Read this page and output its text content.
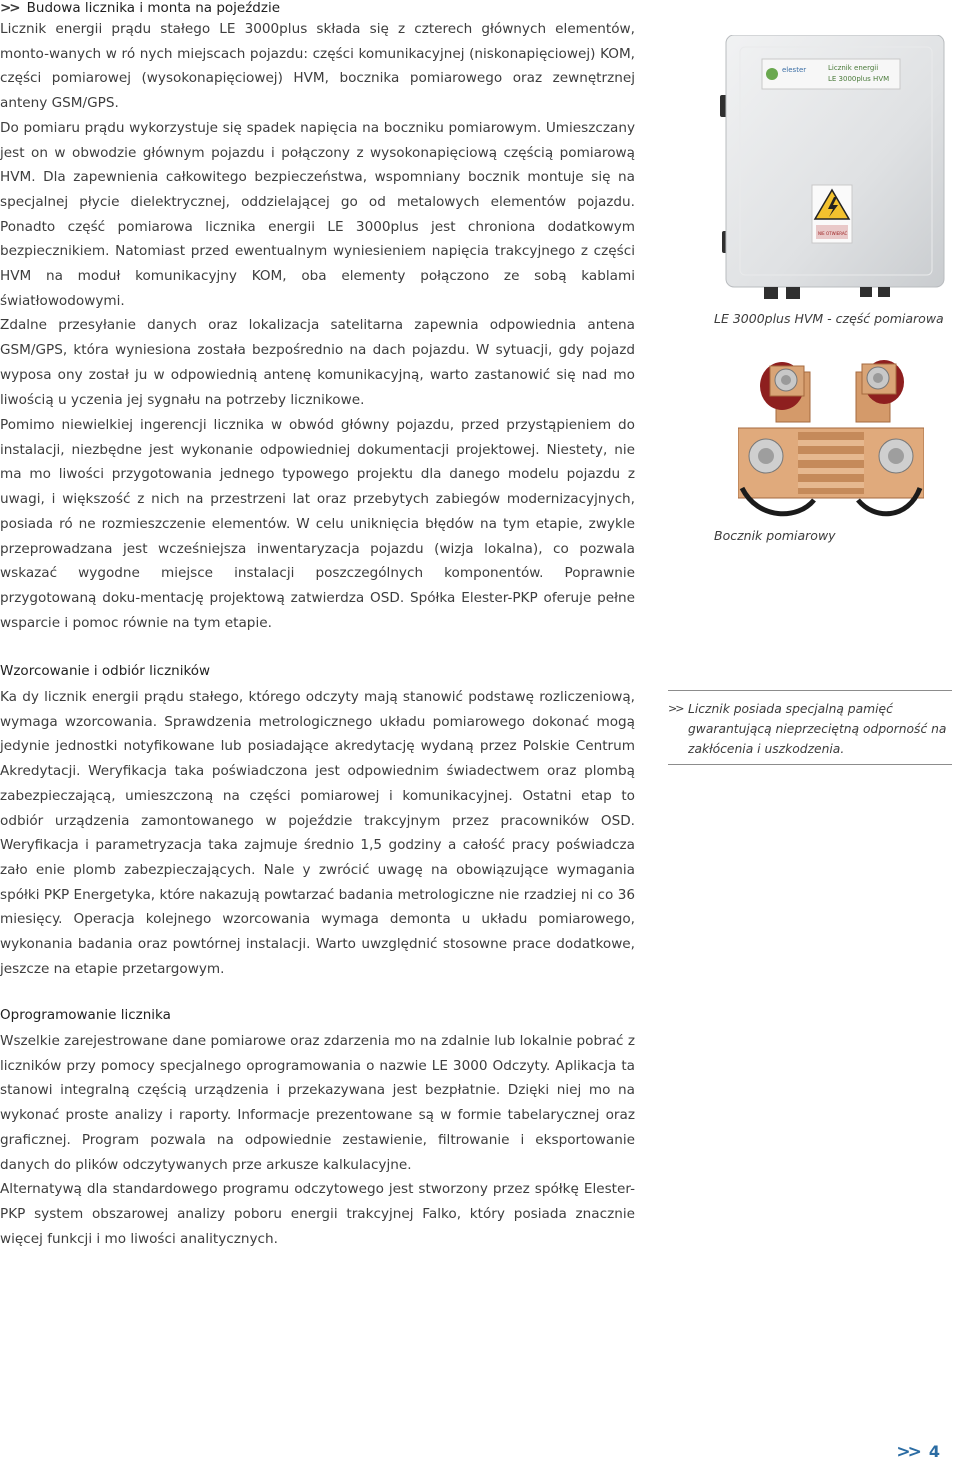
>> Budowa licznika i monta na pojeździe

Licznik energii prądu stałego LE 3000plus składa się z czterech głównych elementów, monto-wanych w ró nych miejscach pojazdu: części komunikacyjnej (niskonapięciowej) KOM, części pomiarowej (wysokonapięciowej) HVM, bocznika pomiarowego oraz zewnętrznej anteny GSM/GPS.

Do pomiaru prądu wykorzystuje się spadek napięcia na boczniku pomiarowym. Umieszczany jest on w obwodzie głównym pojazdu i połączony z wysokonapięciową częścią pomiarową HVM. Dla zapewnienia całkowitego bezpieczeństwa, wspomniany bocznik montuje się na specjalnej płycie dielektrycznej, oddzielającej go od metalowych elementów pojazdu. Ponadto część pomiarowa licznika energii LE 3000plus jest chroniona dodatkowym bezpiecznikiem. Natomiast przed ewentualnym wyniesieniem napięcia trakcyjnego z części HVM na moduł komunikacyjny KOM, oba elementy połączono ze sobą kablami światłowodowymi.

Zdalne przesyłanie danych oraz lokalizacja satelitarna zapewnia odpowiednia antena GSM/GPS, która wyniesiona została bezpośrednio na dach pojazdu. W sytuacji, gdy pojazd wyposa ony został ju w odpowiednią antenę komunikacyjną, warto zastanowić się nad mo liwością u yczenia jej sygnału na potrzeby licznikowe.

Pomimo niewielkiej ingerencji licznika w obwód główny pojazdu, przed przystąpieniem do instalacji, niezbędne jest wykonanie odpowiedniej dokumentacji projektowej. Niestety, nie ma mo liwości przygotowania jednego typowego projektu dla danego modelu pojazdu z uwagi, i większość z nich na przestrzeni lat oraz przebytych zabiegów modernizacyjnych, posiada ró ne rozmieszczenie elementów. W celu uniknięcia błędów na tym etapie, zwykle przeprowadzana jest wcześniejsza inwentaryzacja pojazdu (wizja lokalna), co pozwala wskazać wygodne miejsce instalacji poszczególnych komponentów. Poprawnie przygotowaną doku-mentację projektową zatwierdza OSD. Spółka Elester-PKP oferuje pełne wsparcie i pomoc równie na tym etapie.

Wzorcowanie i odbiór liczników

Ka dy licznik energii prądu stałego, którego odczyty mają stanowić podstawę rozliczeniową, wymaga wzorcowania. Sprawdzenia metrologicznego układu pomiarowego dokonać mogą jedynie jednostki notyfikowane lub posiadające akredytację wydaną przez Polskie Centrum Akredytacji. Weryfikacja taka poświadczona jest odpowiednim świadectwem oraz plombą zabezpieczającą, umieszczoną na części pomiarowej i komunikacyjnej. Ostatni etap to odbiór urządzenia zamontowanego w pojeździe trakcyjnym przez pracowników OSD. Weryfikacja i parametryzacja taka zajmuje średnio 1,5 godziny a całość pracy poświadcza zało enie plomb zabezpieczających. Nale y zwrócić uwagę na obowiązujące wymagania spółki PKP Energetyka, które nakazują powtarzać badania metrologiczne nie rzadziej ni co 36 miesięcy. Operacja kolejnego wzorcowania wymaga demonta u układu pomiarowego, wykonania badania oraz powtórnej instalacji. Warto uwzględnić stosowne prace dodatkowe, jeszcze na etapie przetargowym.

Oprogramowanie licznika

Wszelkie zarejestrowane dane pomiarowe oraz zdarzenia mo na zdalnie lub lokalnie pobrać z liczników przy pomocy specjalnego oprogramowania o nazwie LE 3000 Odczyty. Aplikacja ta stanowi integralną częścią urządzenia i przekazywana jest bezpłatnie. Dzięki niej mo na wykonać proste analizy i raporty. Informacje prezentowane są w formie tabelarycznej oraz graficznej. Program pozwala na odpowiednie zestawienie, filtrowanie i eksportowanie danych do plików odczytywanych prze arkusze kalkulacyjne.

Alternatywą dla standardowego programu odczytowego jest stworzony przez spółkę Elester-PKP system obszarowej analizy poboru energii trakcyjnej Falko, który posiada znacznie więcej funkcji i mo liwości analitycznych.

elester	Licznik energii
LE 3000plus HVM
NIE OTWIERAĆ
LE 3000plus HVM - część pomiarowa
Bocznik pomiarowy
>> Licznik posiada specjalną pamięć gwarantującą nieprzeciętną odporność na zakłócenia i uszkodzenia.
>> 4
